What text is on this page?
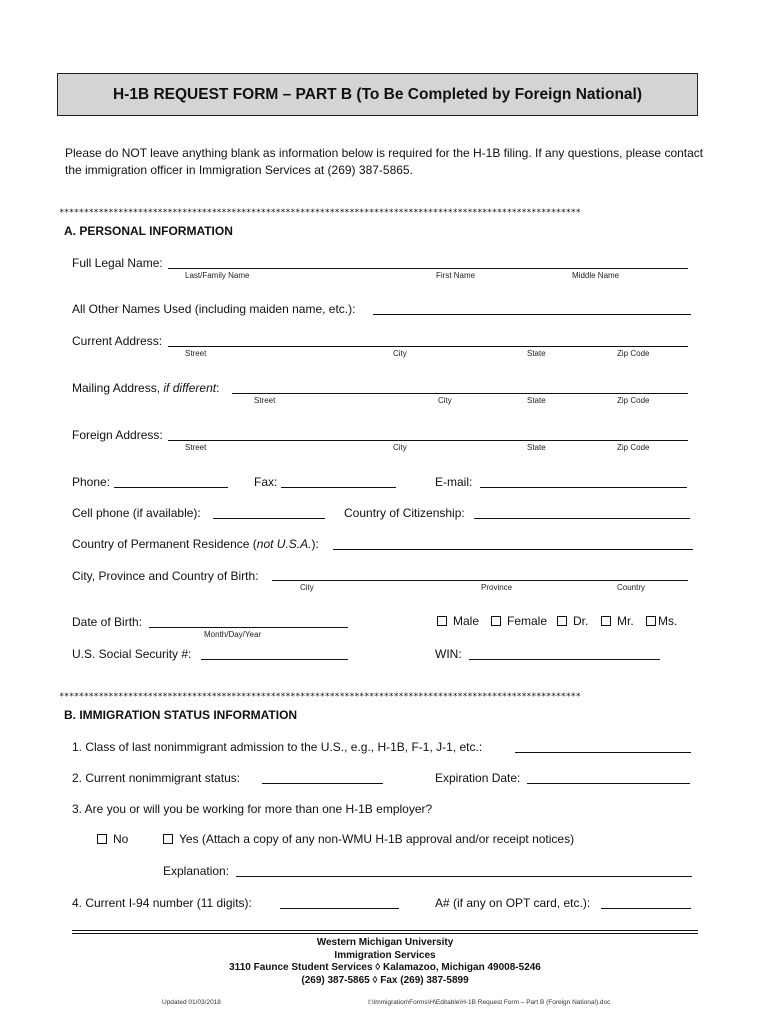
H-1B REQUEST FORM – PART B (To Be Completed by Foreign National)
Please do NOT leave anything blank as information below is required for the H-1B filing. If any questions, please contact the immigration officer in Immigration Services at (269) 387-5865.
**********************************************************************************************************
A. PERSONAL INFORMATION
Full Legal Name:
Last/Family Name	First Name	Middle Name
All Other Names Used (including maiden name, etc.):
Current Address:
Street	City	State	Zip Code
Mailing Address, if different:
Street	City	State	Zip Code
Foreign Address:
Street	City	State	Zip Code
Phone:	Fax:	E-mail:
Cell phone (if available):	Country of Citizenship:
Country of Permanent Residence (not U.S.A.):
City, Province and Country of Birth:
City	Province	Country
Date of Birth:
Month/Day/Year
Male	Female	Dr.	Mr.	Ms.
U.S. Social Security #:	WIN:
**********************************************************************************************************
B. IMMIGRATION STATUS INFORMATION
1. Class of last nonimmigrant admission to the U.S., e.g., H-1B, F-1, J-1, etc.:
2. Current nonimmigrant status:	Expiration Date:
3. Are you or will you be working for more than one H-1B employer?
No	Yes (Attach a copy of any non-WMU H-1B approval and/or receipt notices)
Explanation:
4. Current I-94 number (11 digits):	A# (if any on OPT card, etc.):
Western Michigan University
Immigration Services
3110 Faunce Student Services ◊ Kalamazoo, Michigan 49008-5246
(269) 387-5865 ◊ Fax (269) 387-5899
Updated 01/03/2018	I:\Immigration\Forms\H\Editable\H-1B Request Form – Part B (Foreign National).doc
